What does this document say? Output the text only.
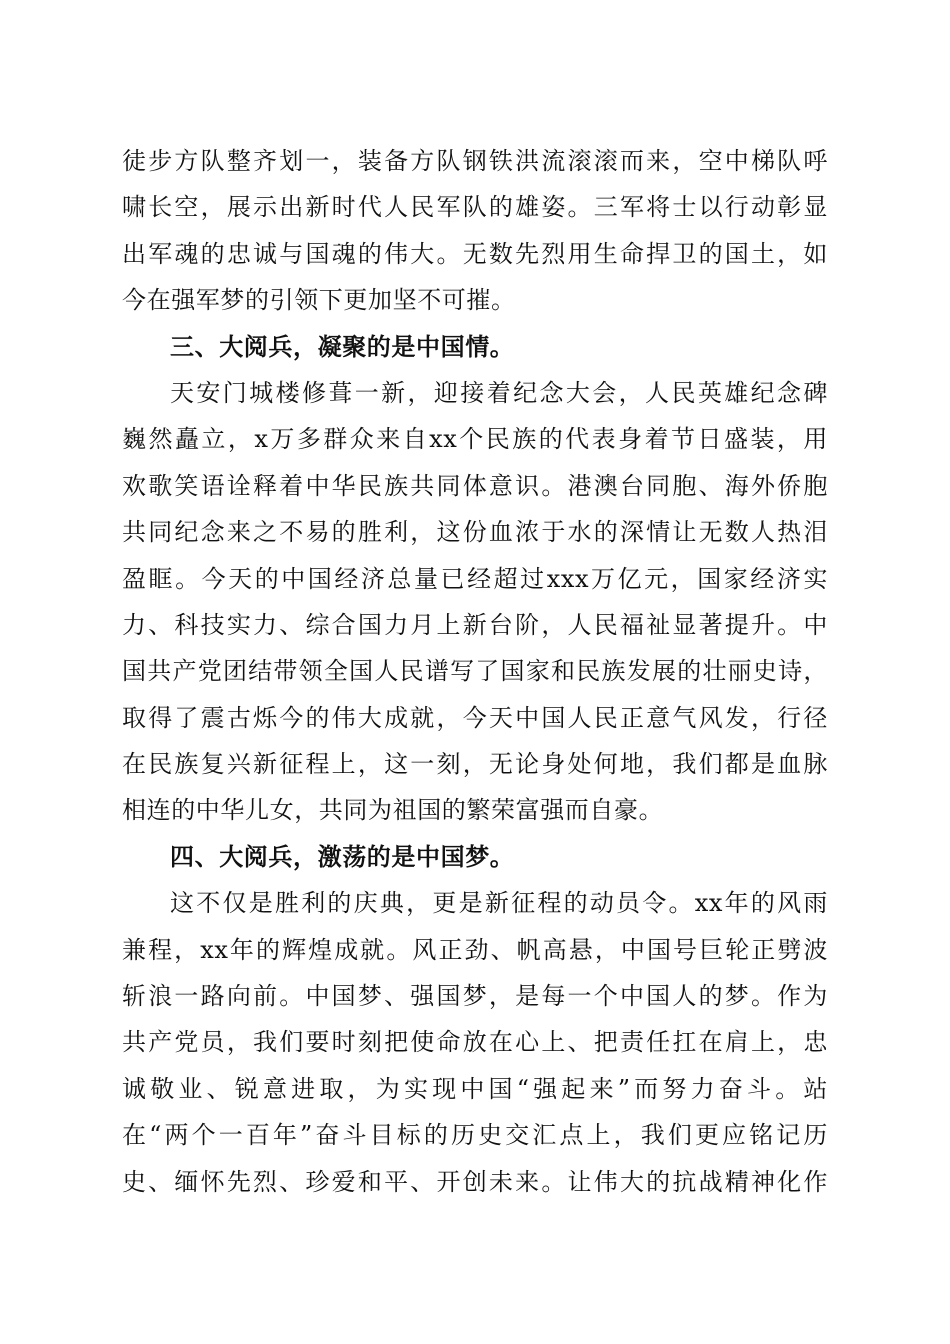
徒步方队整齐划一，装备方队钢铁洪流滚滚而来，空中梯队呼
啸长空，展示出新时代人民军队的雄姿。三军将士以行动彰显
出军魂的忠诚与国魂的伟大。无数先烈用生命捍卫的国土，如
今在强军梦的引领下更加坚不可摧。
三、大阅兵，凝聚的是中国情。
天安门城楼修葺一新，迎接着纪念大会，人民英雄纪念碑
巍然矗立，x万多群众来自xx个民族的代表身着节日盛装，用
欢歌笑语诠释着中华民族共同体意识。港澳台同胞、海外侨胞
共同纪念来之不易的胜利，这份血浓于水的深情让无数人热泪
盈眶。今天的中国经济总量已经超过xxx万亿元，国家经济实
力、科技实力、综合国力月上新台阶，人民福祉显著提升。中
国共产党团结带领全国人民谱写了国家和民族发展的壮丽史诗，
取得了震古烁今的伟大成就，今天中国人民正意气风发，行径
在民族复兴新征程上，这一刻，无论身处何地，我们都是血脉
相连的中华儿女，共同为祖国的繁荣富强而自豪。
四、大阅兵，激荡的是中国梦。
这不仅是胜利的庆典，更是新征程的动员令。xx年的风雨
兼程，xx年的辉煌成就。风正劲、帆高悬，中国号巨轮正劈波
斩浪一路向前。中国梦、强国梦，是每一个中国人的梦。作为
共产党员，我们要时刻把使命放在心上、把责任扛在肩上，忠
诚敬业、锐意进取，为实现中国“强起来”而努力奋斗。站
在“两个一百年”奋斗目标的历史交汇点上，我们更应铭记历
史、缅怀先烈、珍爱和平、开创未来。让伟大的抗战精神化作
